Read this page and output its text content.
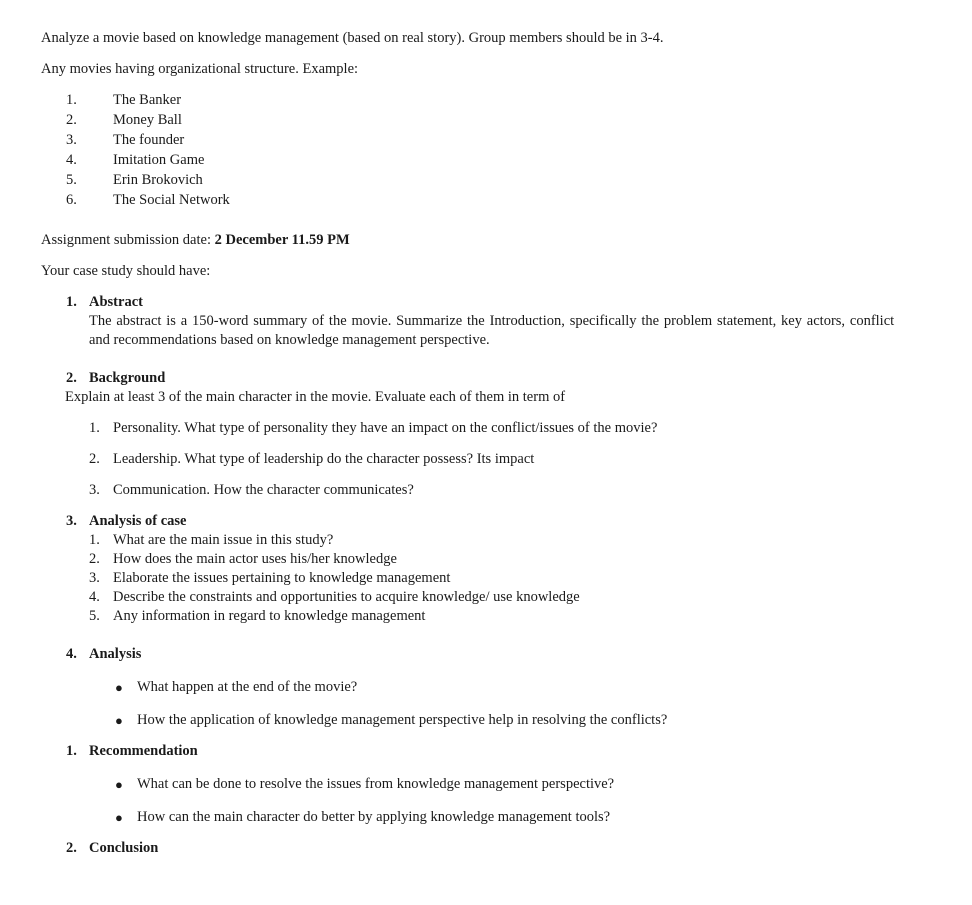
Analyze a movie based on knowledge management (based on real story). Group members should be in 3-4.
Any movies having organizational structure. Example:
1. The Banker
2. Money Ball
3. The founder
4. Imitation Game
5. Erin Brokovich
6. The Social Network
Assignment submission date: 2 December 11.59 PM
Your case study should have:
1. Abstract
The abstract is a 150-word summary of the movie. Summarize the Introduction, specifically the problem statement, key actors, conflict
and recommendations based on knowledge management perspective.
2. Background
Explain at least 3 of the main character in the movie. Evaluate each of them in term of
1. Personality. What type of personality they have an impact on the conflict/issues of the movie?
2. Leadership. What type of leadership do the character possess? Its impact
3. Communication. How the character communicates?
3. Analysis of case
1. What are the main issue in this study?
2. How does the main actor uses his/her knowledge
3. Elaborate the issues pertaining to knowledge management
4. Describe the constraints and opportunities to acquire knowledge/ use knowledge
5. Any information in regard to knowledge management
4. Analysis
● What happen at the end of the movie?
● How the application of knowledge management perspective help in resolving the conflicts?
1. Recommendation
● What can be done to resolve the issues from knowledge management perspective?
● How can the main character do better by applying knowledge management tools?
2. Conclusion
